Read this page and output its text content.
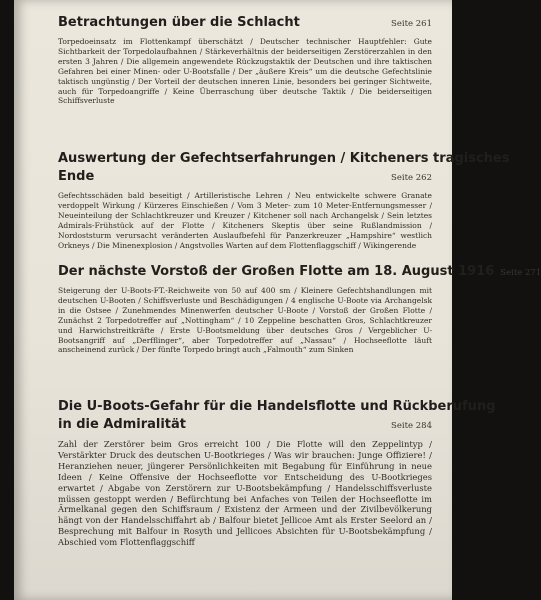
Betrachtungen über die Schlacht	Seite 261
Torpedoeinsatz im Flottenkampf überschätzt / Deutscher technischer Hauptfehler: Gute Sichtbarkeit der Torpedolaufbahnen / Stärkeverhältnis der beiderseitigen Zerstörerzahlen in den ersten 3 Jahren / Die allgemein angewendete Rückzugstaktik der Deutschen und ihre taktischen Gefahren bei einer Minen- oder U-Bootsfalle / Der „äußere Kreis“ um die deutsche Gefechtslinie taktisch ungünstig / Der Vorteil der deutschen inneren Linie, besonders bei geringer Sichtweite, auch für Torpedoangriffe / Keine Überraschung über deutsche Taktik / Die beiderseitigen Schiffsverluste
Auswertung der Gefechtserfahrungen / Kitcheners tragisches
Ende	Seite 262
Gefechtsschäden bald beseitigt / Artilleristische Lehren / Neu entwickelte schwere Granate verdoppelt Wirkung / Kürzeres Einschießen / Vom 3 Meter- zum 10 Meter-Entfernungsmesser / Neueinteilung der Schlachtkreuzer und Kreuzer / Kitchener soll nach Archangelsk / Sein letztes Admirals-Frühstück auf der Flotte / Kitcheners Skeptis über seine Rußlandmission / Nordoststurm verursacht veränderten Auslaufbefehl für Panzerkreuzer „Hampshire“ westlich Orkneys / Die Minenexplosion / Angstvolles Warten auf dem Flottenflaggschiff / Wikingerende
Der nächste Vorstoß der Großen Flotte am 18. August 1916 Seite 271
Steigerung der U-Boots-FT.-Reichweite von 50 auf 400 sm / Kleinere Gefechtshandlungen mit deutschen U-Booten / Schiffsverluste und Beschädigungen / 4 englische U-Boote via Archangelsk in die Ostsee / Zunehmendes Minenwerfen deutscher U-Boote / Vorstoß der Großen Flotte / Zunächst 2 Torpedotreffer auf „Nottingham“ / 10 Zeppeline beschatten Gros, Schlachtkreuzer und Harwichstreitkräfte / Erste U-Bootsmeldung über deutsches Gros / Vergeblicher U-Bootsangriff auf „Derfflinger“, aber Torpedotreffer auf „Nassau“ / Hochseeflotte läuft anscheinend zurück / Der fünfte Torpedo bringt auch „Falmouth“ zum Sinken
Die U-Boots-Gefahr für die Handelsflotte und Rückberufung
in die Admiralität	Seite 284
Zahl der Zerstörer beim Gros erreicht 100 / Die Flotte will den Zeppelintyp / Verstärkter Druck des deutschen U-Bootkrieges / Was wir brauchen: Junge Offiziere! / Heranziehen neuer, jüngerer Persönlichkeiten mit Begabung für Einführung in neue Ideen / Keine Offensive der Hochseeflotte vor Entscheidung des U-Bootkrieges erwartet / Abgabe von Zerstörern zur U-Bootsbekämpfung / Handelsschiffsverluste müssen gestoppt werden / Befürchtung bei Anfaches von Teilen der Hochseeflotte im Ärmelkanal gegen den Schiffsraum / Existenz der Armeen und der Zivilbevölkerung hängt von der Handelsschiffahrt ab / Balfour bietet Jellicoe Amt als Erster Seelord an / Besprechung mit Balfour in Rosyth und Jellicoes Absichten für U-Bootsbekämpfung / Abschied vom Flottenflaggschiff
